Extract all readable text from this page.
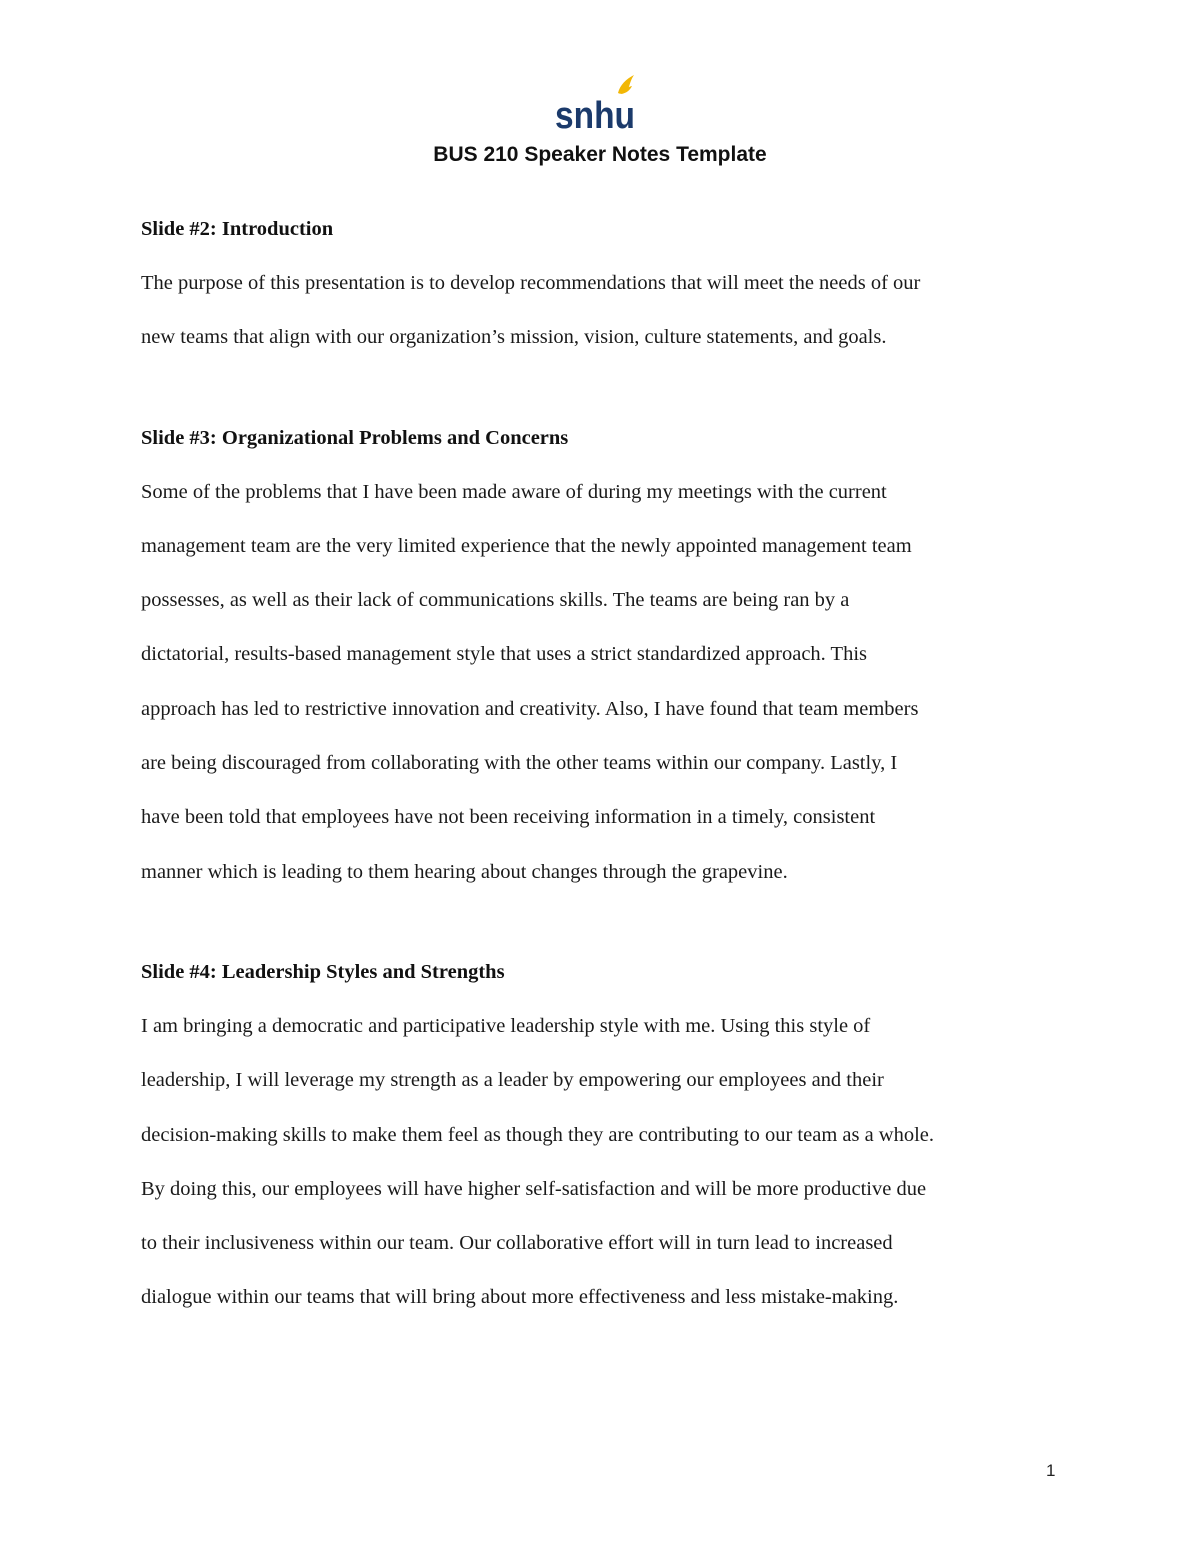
snhu
BUS 210 Speaker Notes Template
Slide #2: Introduction

The purpose of this presentation is to develop recommendations that will meet the needs of our
new teams that align with our organization’s mission, vision, culture statements, and goals.

Slide #3: Organizational Problems and Concerns

Some of the problems that I have been made aware of during my meetings with the current
management team are the very limited experience that the newly appointed management team
possesses, as well as their lack of communications skills. The teams are being ran by a
dictatorial, results-based management style that uses a strict standardized approach. This
approach has led to restrictive innovation and creativity. Also, I have found that team members
are being discouraged from collaborating with the other teams within our company. Lastly, I
have been told that employees have not been receiving information in a timely, consistent
manner which is leading to them hearing about changes through the grapevine.

Slide #4: Leadership Styles and Strengths

I am bringing a democratic and participative leadership style with me. Using this style of
leadership, I will leverage my strength as a leader by empowering our employees and their
decision-making skills to make them feel as though they are contributing to our team as a whole.
By doing this, our employees will have higher self-satisfaction and will be more productive due
to their inclusiveness within our team. Our collaborative effort will in turn lead to increased
dialogue within our teams that will bring about more effectiveness and less mistake-making.

1
